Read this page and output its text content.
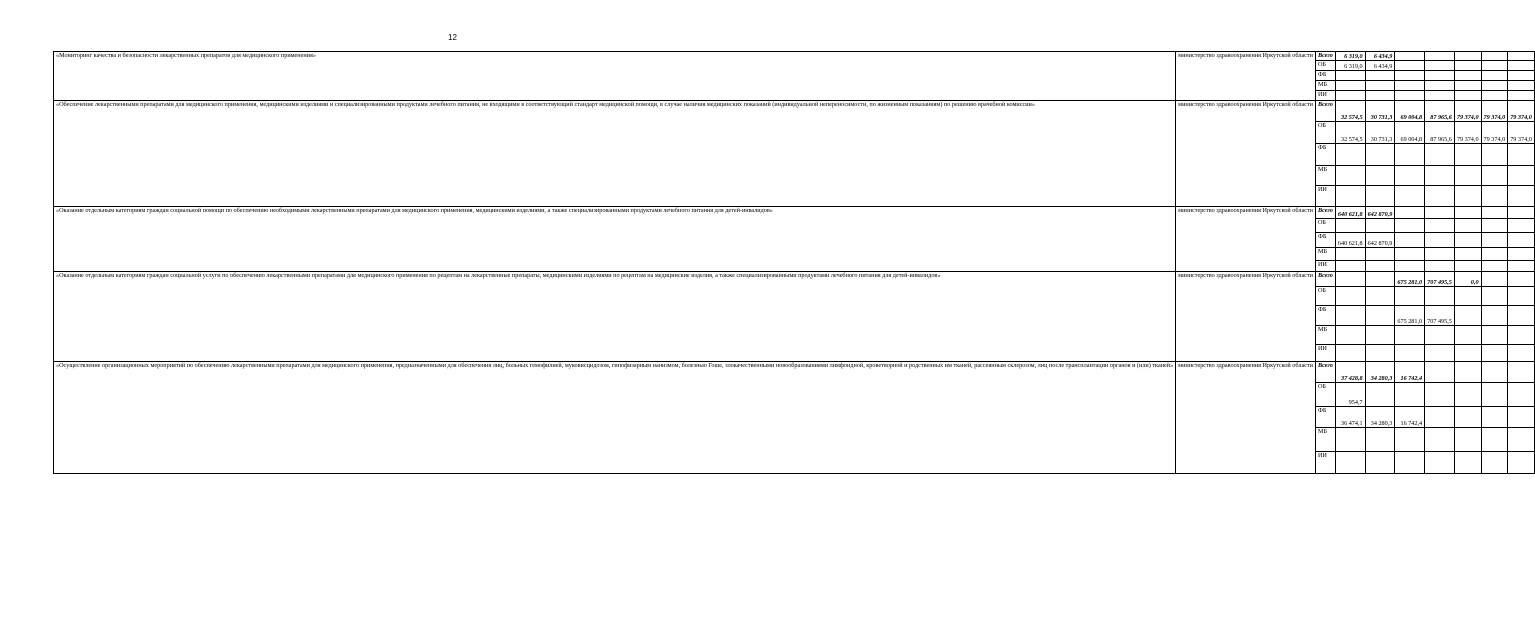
12
«Мониторинг качества и безопасности лекарственных препаратов для медицинского применения»	министерство здравоохранения Иркутской области	Всего	6 319,0	6 434,9					
		ОБ	6 319,0	6 434,9					
		ФБ							
		МБ							
		ИИ							
«Обеспечение лекарственными препаратами для медицинского применения, медицинскими изделиями и специализированными продуктами лечебного питания, не входящими в соответствующий стандарт медицинской помощи, в случае наличия медицинских показаний (индивидуальной непереносимости, по жизненным показаниям) по решению врачебной комиссии»	министерство здравоохранения Иркутской области	Всего	32 574,5	30 731,3	69 004,8	87 965,6	79 374,0	79 374,0	79 374,0
		ОБ	32 574,5	30 731,3	69 004,8	87 965,6	79 374,0	79 374,0	79 374,0
		ФБ							
		МБ							
		ИИ							
«Оказание отдельным категориям граждан социальной помощи по обеспечению необходимыми лекарственными препаратами для медицинского применения, медицинскими изделиями, а также специализированными продуктами лечебного питания для детей-инвалидов»	министерство здравоохранения Иркутской области	Всего	640 621,8	642 870,9					
		ОБ							
		ФБ	640 621,8	642 870,9					
		МБ							
		ИИ							
«Оказание отдельным категориям граждан социальной услуги по обеспечению лекарственными препаратами для медицинского применения по рецептам на лекарственные препараты, медицинскими изделиями по рецептам на медицинские изделия, а также специализированными продуктами лечебного питания для детей-инвалидов»	министерство здравоохранения Иркутской области	Всего			675 281,0	707 495,5	0,0		
		ОБ							
		ФБ			675 281,0	707 495,5			
		МБ							
		ИИ							
«Осуществление организационных мероприятий по обеспечению лекарственными препаратами для медицинского применения, предназначенными для обеспечения лиц, больных гемофилией, муковисцидозом, гипофизарным нанизмом, болезнью Гоше, злокачественными новообразованиями лимфоидной, кроветворной и родственных им тканей, рассеянным склерозом, лиц после трансплантации органов и (или) тканей»	министерство здравоохранения Иркутской области	Всего	37 428,8	34 280,3	16 742,4				
		ОБ	954,7						
		ФБ	36 474,1	34 280,3	16 742,4				
		МБ							
		ИИ							
